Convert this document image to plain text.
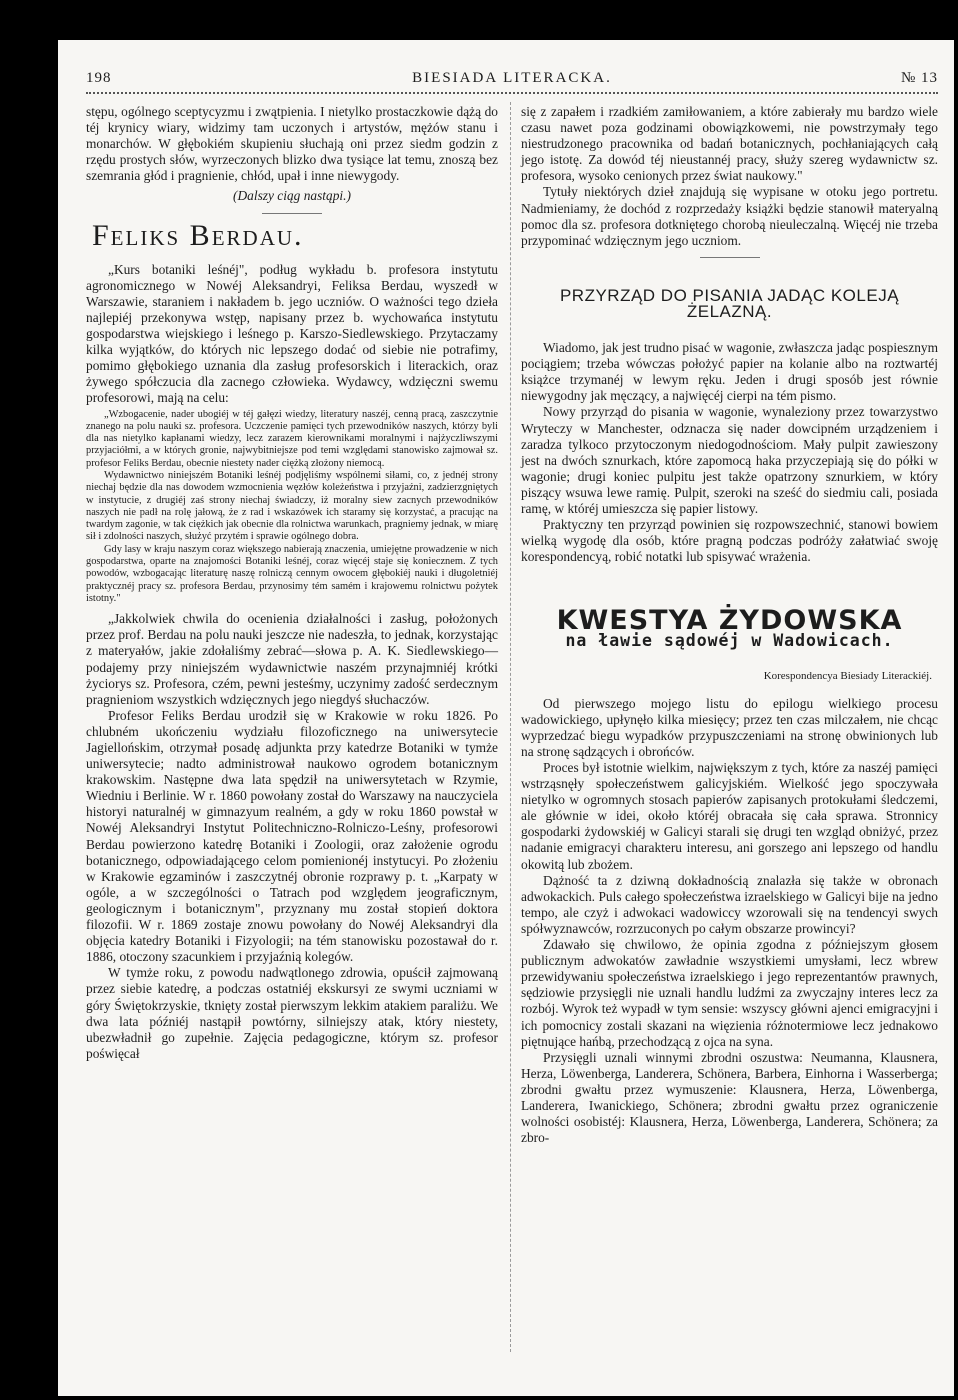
198	BIESIADA LITERACKA.	№ 13

stępu, ogólnego sceptycyzmu i zwątpienia. I nietylko prostaczkowie dążą do téj krynicy wiary, widzimy tam uczonych i artystów, mężów stanu i monarchów. W głębokiém skupieniu słuchają oni przez siedm godzin z rzędu prostych słów, wyrzeczonych blizko dwa tysiące lat temu, znoszą bez szemrania głód i pragnienie, chłód, upał i inne niewygody.

(Dalszy ciąg nastąpi.)

Feliks Berdau.

„Kurs botaniki leśnéj", podług wykładu b. profesora instytutu agronomicznego w Nowéj Aleksandryi, Feliksa Berdau, wyszedł w Warszawie, staraniem i nakładem b. jego uczniów. O ważności tego dzieła najlepiéj przekonywa wstęp, napisany przez b. wychowańca instytutu gospodarstwa wiejskiego i leśnego p. Karszo-Siedlewskiego. Przytaczamy kilka wyjątków, do których nic lepszego dodać od siebie nie potrafimy, pomimo głębokiego uznania dla zasług profesorskich i literackich, oraz żywego spółczucia dla zacnego człowieka. Wydawcy, wdzięczni swemu profesorowi, mają na celu:

„Wzbogacenie, nader ubogiéj w téj gałęzi wiedzy, literatury naszéj, cenną pracą, zaszczytnie znanego na polu nauki sz. profesora. Uczczenie pamięci tych przewodników naszych, którzy byli dla nas nietylko kapłanami wiedzy, lecz zarazem kierownikami moralnymi i najżyczliwszymi przyjaciółmi, a w których gronie, najwybitniejsze pod temi względami stanowisko zajmował sz. profesor Feliks Berdau, obecnie niestety nader ciężką złożony niemocą.

Wydawnictwo niniejszém Botaniki leśnéj podjęliśmy wspólnemi siłami, co, z jednéj strony niechaj będzie dla nas dowodem wzmocnienia węzłów koleżeństwa i przyjaźni, zadzierzgniętych w instytucie, z drugiéj zaś strony niechaj świadczy, iż moralny siew zacnych przewodników naszych nie padł na rolę jałową, że z rad i wskazówek ich staramy się korzystać, a pracując na twardym zagonie, w tak ciężkich jak obecnie dla rolnictwa warunkach, pragniemy jednak, w miarę sił i zdolności naszych, służyć przytém i sprawie ogólnego dobra.

Gdy lasy w kraju naszym coraz większego nabierają znaczenia, umiejętne prowadzenie w nich gospodarstwa, oparte na znajomości Botaniki leśnéj, coraz więcéj staje się koniecznem. Z tych powodów, wzbogacając literaturę naszę rolniczą cennym owocem głębokiéj nauki i długoletniéj praktycznéj pracy sz. profesora Berdau, przynosimy tém samém i krajowemu rolnictwu pożytek istotny."

„Jakkolwiek chwila do ocenienia działalności i zasług, położonych przez prof. Berdau na polu nauki jeszcze nie nadeszła, to jednak, korzystając z materyałów, jakie zdołaliśmy zebrać—słowa p. A. K. Siedlewskiego—podajemy przy niniejszém wydawnictwie naszém przynajmniéj krótki życiorys sz. Profesora, czém, pewni jesteśmy, uczynimy zadość serdecznym pragnieniom wszystkich wdzięcznych jego niegdyś słuchaczów.

Profesor Feliks Berdau urodził się w Krakowie w roku 1826. Po chlubném ukończeniu wydziału filozoficznego na uniwersytecie Jagiellońskim, otrzymał posadę adjunkta przy katedrze Botaniki w tymże uniwersytecie; nadto administrował naukowo ogrodem botanicznym krakowskim. Następne dwa lata spędził na uniwersytetach w Rzymie, Wiedniu i Berlinie. W r. 1860 powołany został do Warszawy na nauczyciela historyi naturalnéj w gimnazyum realném, a gdy w roku 1860 powstał w Nowéj Aleksandryi Instytut Politechniczno-Rolniczo-Leśny, profesorowi Berdau powierzono katedrę Botaniki i Zoologii, oraz założenie ogrodu botanicznego, odpowiadającego celom pomienionéj instytucyi. Po złożeniu w Krakowie egzaminów i zaszczytnéj obronie rozprawy p. t. „Karpaty w ogóle, a w szczególności o Tatrach pod względem jeograficznym, geologicznym i botanicznym", przyznany mu został stopień doktora filozofii. W r. 1869 zostaje znowu powołany do Nowéj Aleksandryi dla objęcia katedry Botaniki i Fizyologii; na tém stanowisku pozostawał do r. 1886, otoczony szacunkiem i przyjaźnią kolegów.

W tymże roku, z powodu nadwątlonego zdrowia, opuścił zajmowaną przez siebie katedrę, a podczas ostatniéj ekskursyi ze swymi uczniami w góry Świętokrzyskie, tknięty został pierwszym lekkim atakiem paraliżu. We dwa lata późniéj nastąpił powtórny, silniejszy atak, który niestety, ubezwładnił go zupełnie. Zajęcia pedagogiczne, którym sz. profesor poświęcał

się z zapałem i rzadkiém zamiłowaniem, a które zabierały mu bardzo wiele czasu nawet poza godzinami obowiązkowemi, nie powstrzymały tego niestrudzonego pracownika od badań botanicznych, pochłaniających całą jego istotę. Za dowód téj nieustannéj pracy, służy szereg wydawnictw sz. profesora, wysoko cenionych przez świat naukowy."

Tytuły niektórych dzieł znajdują się wypisane w otoku jego portretu. Nadmieniamy, że dochód z rozprzedaży książki będzie stanowił materyalną pomoc dla sz. profesora dotkniętego chorobą nieuleczalną. Więcéj nie trzeba przypominać wdzięcznym jego uczniom.

PRZYRZĄD DO PISANIA JADĄC KOLEJĄ ŻELAZNĄ.

Wiadomo, jak jest trudno pisać w wagonie, zwłaszcza jadąc pospiesznym pociągiem; trzeba wówczas położyć papier na kolanie albo na roztwartéj książce trzymanéj w lewym ręku. Jeden i drugi sposób jest równie niewygodny jak męczący, a najwięcéj cierpi na tém pismo.

Nowy przyrząd do pisania w wagonie, wynaleziony przez towarzystwo Wryteczy w Manchester, odznacza się nader dowcipném urządzeniem i zaradza tylkoco przytoczonym niedogodnościom. Mały pulpit zawieszony jest na dwóch sznurkach, które zapomocą haka przyczepiają się do półki w wagonie; drugi koniec pulpitu jest także opatrzony sznurkiem, w który piszący wsuwa lewe ramię. Pulpit, szeroki na sześć do siedmiu cali, posiada ramę, w któréj umieszcza się papier listowy.

Praktyczny ten przyrząd powinien się rozpowszechnić, stanowi bowiem wielką wygodę dla osób, które pragną podczas podróży załatwiać swoję korespondencyą, robić notatki lub spisywać wrażenia.

KWESTYA ŻYDOWSKA

na ławie sądowéj w Wadowicach.

Korespondencya Biesiady Literackiéj.

Od pierwszego mojego listu do epilogu wielkiego procesu wadowickiego, upłynęło kilka miesięcy; przez ten czas milczałem, nie chcąc wyprzedzać biegu wypadków przypuszczeniami na stronę obwinionych lub na stronę sądzących i obrońców.

Proces był istotnie wielkim, największym z tych, które za naszéj pamięci wstrząsnęły społeczeństwem galicyjskiém. Wielkość jego spoczywała nietylko w ogromnych stosach papierów zapisanych protokułami śledczemi, ale głównie w idei, około któréj obracała się cała sprawa. Stronnicy gospodarki żydowskiéj w Galicyi starali się drugi ten wzgląd obniżyć, przez nadanie emigracyi charakteru interesu, ani gorszego ani lepszego od handlu okowitą lub zbożem.

Dążność ta z dziwną dokładnością znalazła się także w obronach adwokackich. Puls całego społeczeństwa izraelskiego w Galicyi bije na jedno tempo, ale czyż i adwokaci wadowiccy wzorowali się na tendencyi swych spółwyznawców, rozrzuconych po całym obszarze prowincyi?

Zdawało się chwilowo, że opinia zgodna z późniejszym głosem publicznym adwokatów zawładnie wszystkiemi umysłami, lecz wbrew przewidywaniu społeczeństwa izraelskiego i jego reprezentantów prawnych, sędziowie przysięgli nie uznali handlu ludźmi za zwyczajny interes lecz za rozbój. Wyrok też wypadł w tym sensie: wszyscy główni ajenci emigracyjni i ich pomocnicy zostali skazani na więzienia różnotermiowe lecz jednakowo piętnujące hańbą, przechodzącą z ojca na syna.

Przysięgli uznali winnymi zbrodni oszustwa: Neumanna, Klausnera, Herza, Löwenberga, Landerera, Schönera, Barbera, Einhorna i Wasserberga; zbrodni gwałtu przez wymuszenie: Klausnera, Herza, Löwenberga, Landerera, Iwanickiego, Schönera; zbrodni gwałtu przez ograniczenie wolności osobistéj: Klausnera, Herza, Löwenberga, Landerera, Schönera; za zbro-
